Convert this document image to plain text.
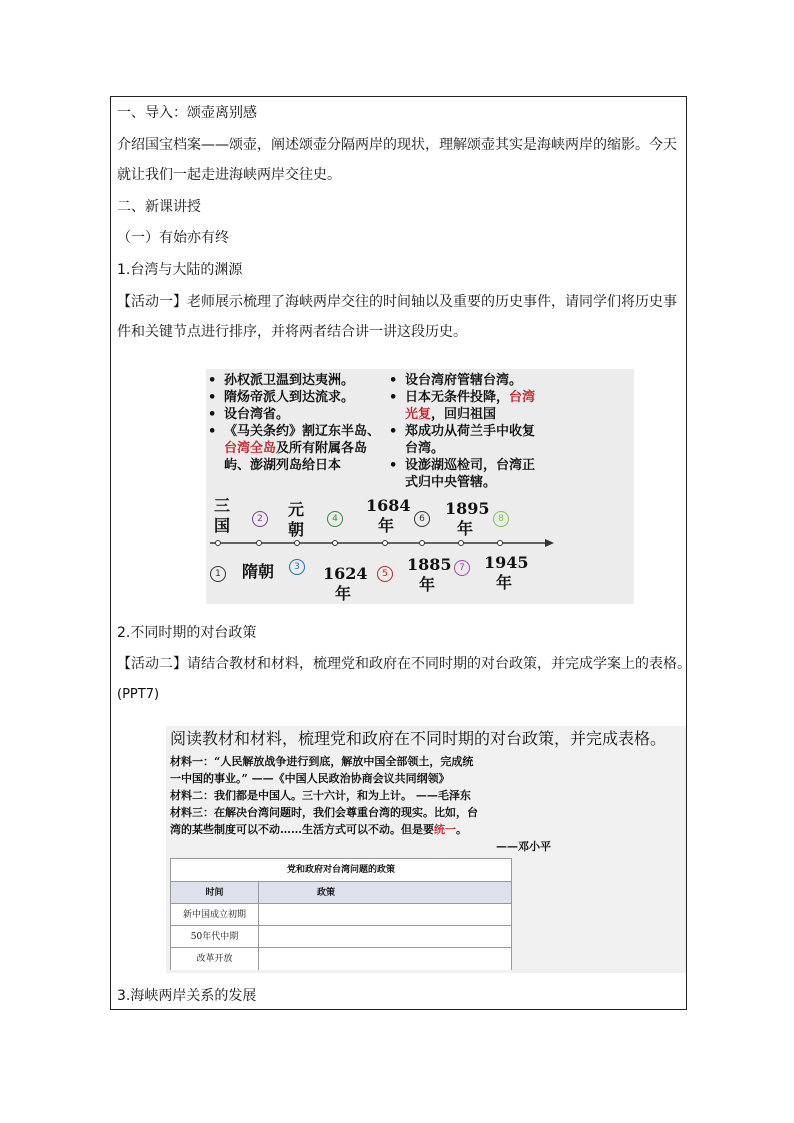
一、导入：颂壶离别感
介绍国宝档案——颂壶，阐述颂壶分隔两岸的现状，理解颂壶其实是海峡两岸的缩影。今天
就让我们一起走进海峡两岸交往史。
二、新课讲授
（一）有始亦有终
1.台湾与大陆的渊源
【活动一】老师展示梳理了海峡两岸交往的时间轴以及重要的历史事件，请同学们将历史事
件和关键节点进行排序，并将两者结合讲一讲这段历史。
• 孙权派卫温到达夷洲。
• 隋炀帝派人到达流求。
• 设台湾省。
• 《马关条约》割辽东半岛、
台湾全岛及所有附属各岛
屿、澎湖列岛给日本
• 设台湾府管辖台湾。
• 日本无条件投降，台湾
光复，回归祖国
• 郑成功从荷兰手中收复
台湾。
• 设澎湖巡检司，台湾正
式归中央管辖。
三
国	2	元
朝
4
1684
年	6
1895
年	8
1	隋朝	3	1624
年
5	1885
年
7	1945
年
2.不同时期的对台政策
【活动二】请结合教材和材料，梳理党和政府在不同时期的对台政策，并完成学案上的表格。
(PPT7)
阅读教材和材料，梳理党和政府在不同时期的对台政策，并完成表格。
材料一：“人民解放战争进行到底，解放中国全部领土，完成统
一中国的事业。” ——《中国人民政治协商会议共同纲领》
材料二：我们都是中国人。三十六计，和为上计。 ——毛泽东
材料三：在解决台湾问题时，我们会尊重台湾的现实。比如，台
湾的某些制度可以不动……生活方式可以不动。但是要统一。
——邓小平
党和政府对台湾问题的政策
时间	政策
新中国成立初期
50年代中期
改革开放
3.海峡两岸关系的发展
